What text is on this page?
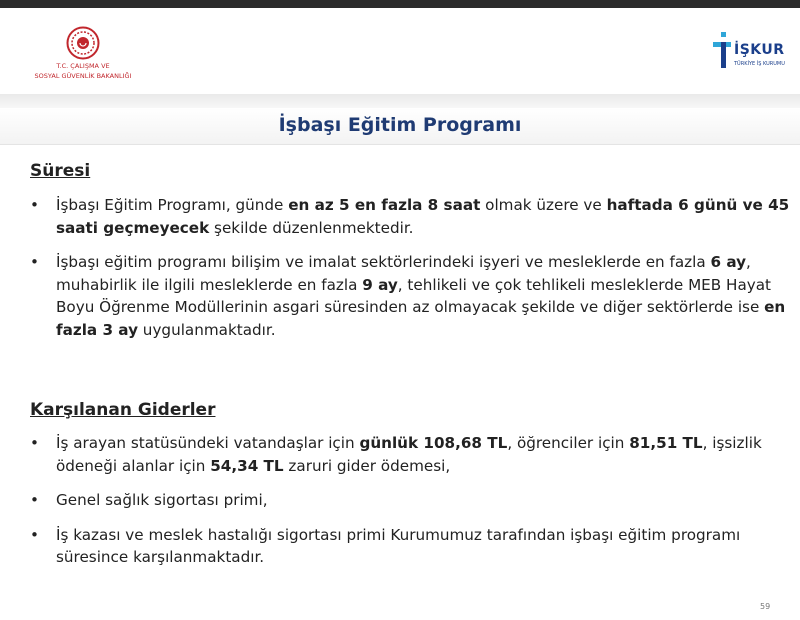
T.C. ÇALIŞMA VE
SOSYAL GÜVENLİK BAKANLIĞI
İŞKUR
TÜRKİYE İŞ KURUMU
İşbaşı Eğitim Programı
Süresi
• İşbaşı Eğitim Programı, günde en az 5 en fazla 8 saat olmak üzere ve haftada 6 günü ve 45 saati geçmeyecek şekilde düzenlenmektedir.
• İşbaşı eğitim programı bilişim ve imalat sektörlerindeki işyeri ve mesleklerde en fazla 6 ay, muhabirlik ile ilgili mesleklerde en fazla 9 ay, tehlikeli ve çok tehlikeli mesleklerde MEB Hayat Boyu Öğrenme Modüllerinin asgari süresinden az olmayacak şekilde ve diğer sektörlerde ise en fazla 3 ay uygulanmaktadır.
Karşılanan Giderler
• İş arayan statüsündeki vatandaşlar için günlük 108,68 TL, öğrenciler için 81,51 TL, işsizlik ödeneği alanlar için 54,34 TL zaruri gider ödemesi,
• Genel sağlık sigortası primi,
• İş kazası ve meslek hastalığı sigortası primi Kurumumuz tarafından işbaşı eğitim programı süresince karşılanmaktadır.
59
